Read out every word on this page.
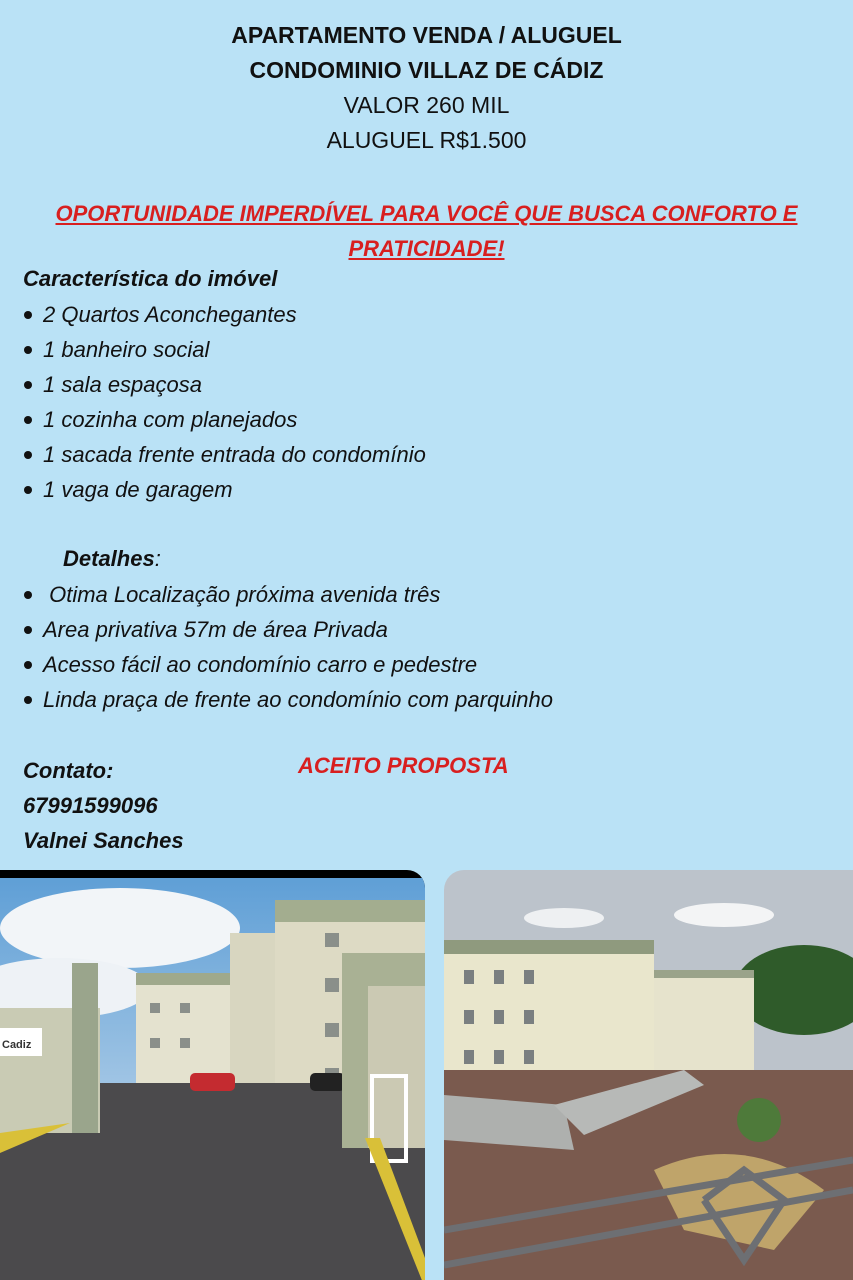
APARTAMENTO VENDA / ALUGUEL
CONDOMINIO VILLAZ DE CÁDIZ
VALOR 260 MIL
ALUGUEL R$1.500
OPORTUNIDADE IMPERDÍVEL PARA VOCÊ QUE BUSCA CONFORTO E PRATICIDADE!
Característica do imóvel
2 Quartos Aconchegantes
1 banheiro social
1 sala espaçosa
1 cozinha com planejados
1 sacada frente entrada do condomínio
1 vaga de garagem
Detalhes:
Otima Localização próxima avenida três
Area privativa 57m de área Privada
Acesso fácil ao condomínio carro e pedestre
Linda praça de frente ao condomínio com parquinho
Contato:
67991599096
Valnei Sanches
ACEITO PROPOSTA
Cadiz
